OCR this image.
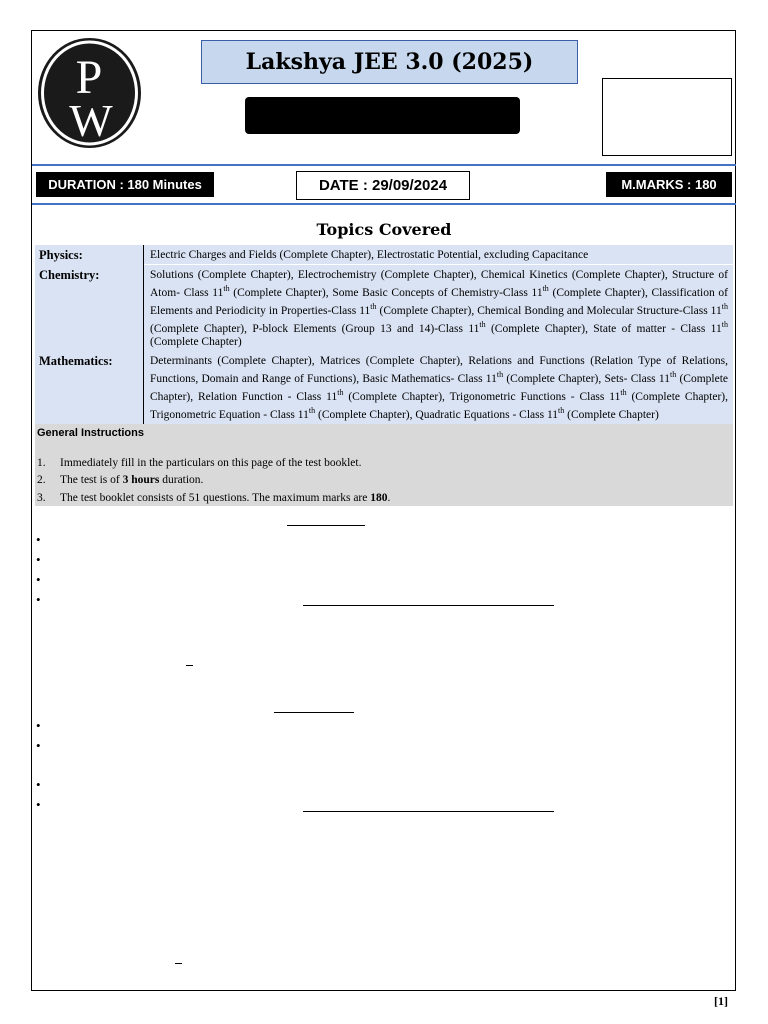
P
W
Lakshya JEE 3.0 (2025)
DURATION : 180 Minutes	DATE : 29/09/2024	M.MARKS : 180
Topics Covered
Physics:	Electric Charges and Fields (Complete Chapter), Electrostatic Potential, excluding Capacitance
Chemistry:	Solutions (Complete Chapter), Electrochemistry (Complete Chapter), Chemical Kinetics (Complete Chapter), Structure of Atom- Class 11th (Complete Chapter), Some Basic Concepts of Chemistry-Class 11th (Complete Chapter), Classification of Elements and Periodicity in Properties-Class 11th (Complete Chapter), Chemical Bonding and Molecular Structure-Class 11th (Complete Chapter), P-block Elements (Group 13 and 14)-Class 11th (Complete Chapter), State of matter - Class 11th (Complete Chapter)
Mathematics:	Determinants (Complete Chapter), Matrices (Complete Chapter), Relations and Functions (Relation Type of Relations, Functions, Domain and Range of Functions), Basic Mathematics- Class 11th (Complete Chapter), Sets- Class 11th (Complete Chapter), Relation Function - Class 11th (Complete Chapter), Trigonometric Functions - Class 11th (Complete Chapter), Trigonometric Equation - Class 11th (Complete Chapter), Quadratic Equations - Class 11th (Complete Chapter)
General Instructions
1.	Immediately fill in the particulars on this page of the test booklet.
2.	The test is of 3 hours duration.
3.	The test booklet consists of 51 questions. The maximum marks are 180.
•
•
•
•
•
•
•
•
[1]
